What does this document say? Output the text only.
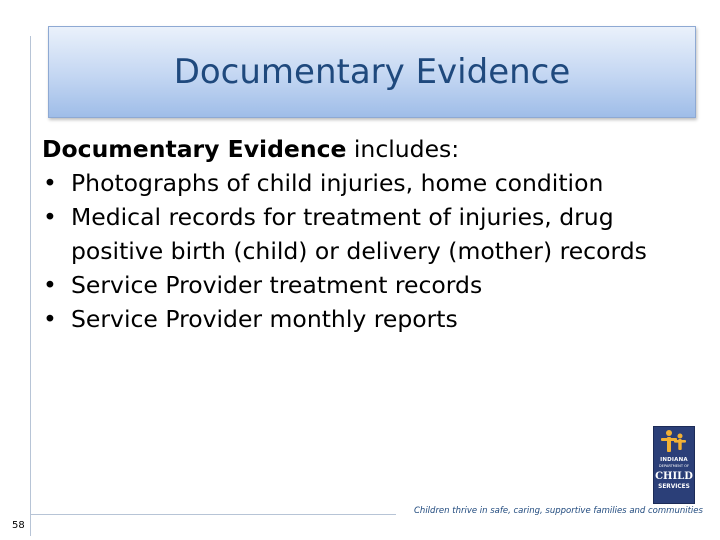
Documentary Evidence
Documentary Evidence includes:
• Photographs of child injuries, home condition
• Medical records for treatment of injuries, drug positive birth (child) or delivery (mother) records
• Service Provider treatment records
• Service Provider monthly reports
INDIANA
DEPARTMENT OF
CHILD
SERVICES
Children thrive in safe, caring, supportive families and communities
58
